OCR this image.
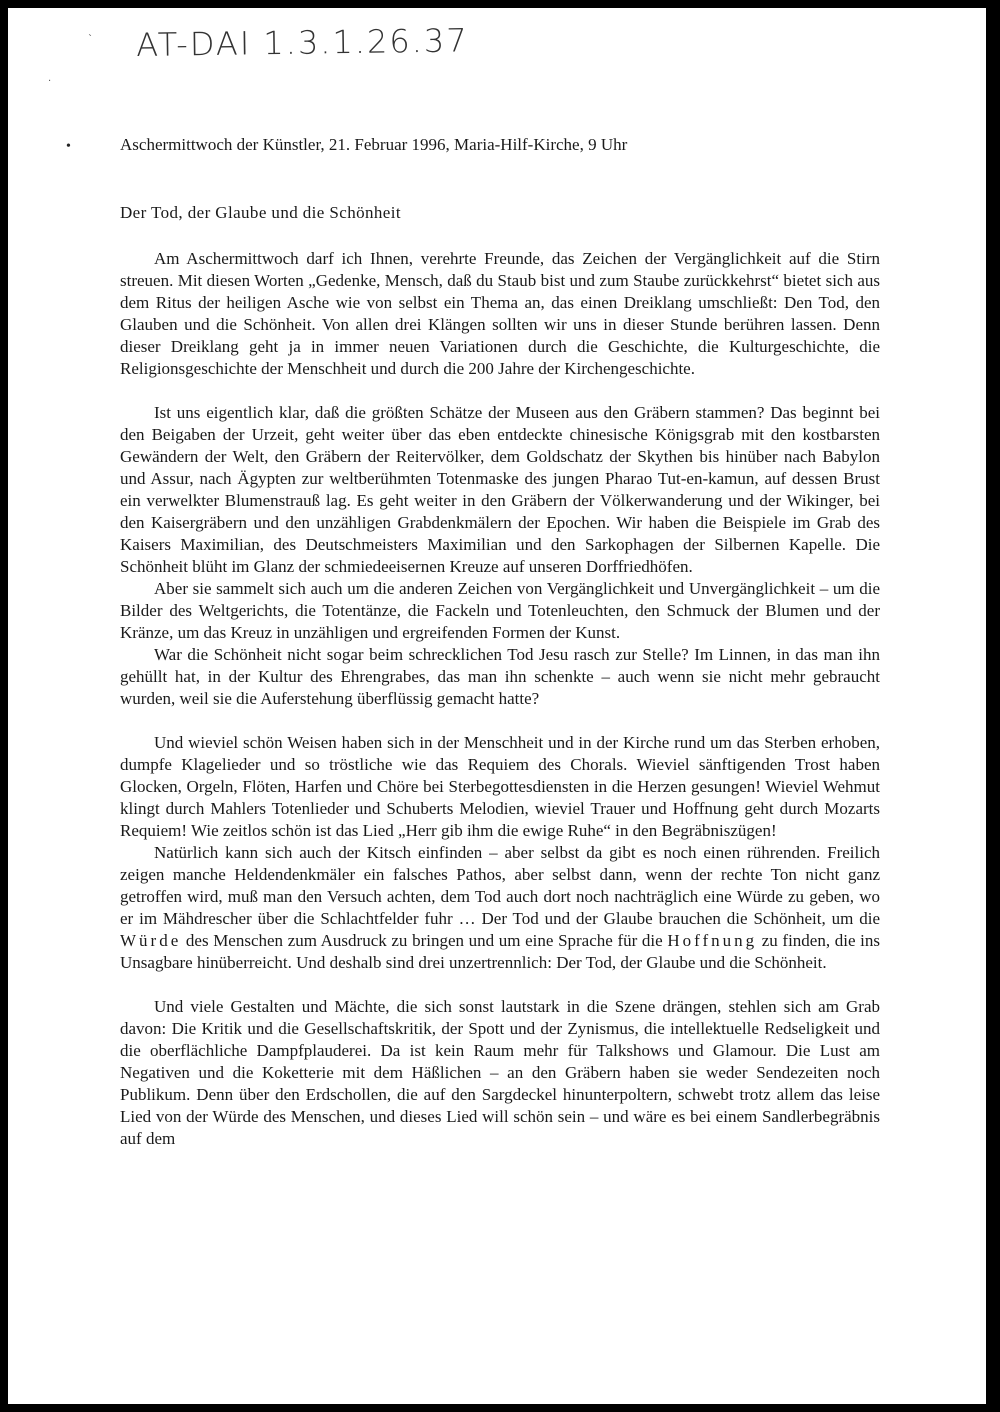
AT-DAI 1.3.1.26.37
ˋ
·
•	Aschermittwoch der Künstler, 21. Februar 1996, Maria-Hilf-Kirche, 9 Uhr
Der Tod, der Glaube und die Schönheit

Am Aschermittwoch darf ich Ihnen, verehrte Freunde, das Zeichen der Vergänglichkeit auf die Stirn streuen. Mit diesen Worten „Gedenke, Mensch, daß du Staub bist und zum Staube zurückkehrst“ bietet sich aus dem Ritus der heiligen Asche wie von selbst ein Thema an, das einen Dreiklang umschließt: Den Tod, den Glauben und die Schönheit. Von allen drei Klängen sollten wir uns in dieser Stunde berühren lassen. Denn dieser Dreiklang geht ja in immer neuen Variationen durch die Geschichte, die Kulturgeschichte, die Religionsgeschichte der Menschheit und durch die 200 Jahre der Kirchengeschichte.

Ist uns eigentlich klar, daß die größten Schätze der Museen aus den Gräbern stammen? Das beginnt bei den Beigaben der Urzeit, geht weiter über das eben entdeckte chinesische Königsgrab mit den kostbarsten Gewändern der Welt, den Gräbern der Reitervölker, dem Goldschatz der Skythen bis hinüber nach Babylon und Assur, nach Ägypten zur weltberühmten Totenmaske des jungen Pharao Tut-en-kamun, auf dessen Brust ein verwelkter Blumenstrauß lag. Es geht weiter in den Gräbern der Völkerwanderung und der Wikinger, bei den Kaisergräbern und den unzähligen Grabdenkmälern der Epochen. Wir haben die Beispiele im Grab des Kaisers Maximilian, des Deutschmeisters Maximilian und den Sarkophagen der Silbernen Kapelle. Die Schönheit blüht im Glanz der schmiedeeisernen Kreuze auf unseren Dorffriedhöfen.

Aber sie sammelt sich auch um die anderen Zeichen von Vergänglichkeit und Unvergänglichkeit – um die Bilder des Weltgerichts, die Totentänze, die Fackeln und Totenleuchten, den Schmuck der Blumen und der Kränze, um das Kreuz in unzähligen und ergreifenden Formen der Kunst.

War die Schönheit nicht sogar beim schrecklichen Tod Jesu rasch zur Stelle? Im Linnen, in das man ihn gehüllt hat, in der Kultur des Ehrengrabes, das man ihn schenkte – auch wenn sie nicht mehr gebraucht wurden, weil sie die Auferstehung überflüssig gemacht hatte?

Und wieviel schön Weisen haben sich in der Menschheit und in der Kirche rund um das Sterben erhoben, dumpfe Klagelieder und so tröstliche wie das Requiem des Chorals. Wieviel sänftigenden Trost haben Glocken, Orgeln, Flöten, Harfen und Chöre bei Sterbegottesdiensten in die Herzen gesungen! Wieviel Wehmut klingt durch Mahlers Totenlieder und Schuberts Melodien, wieviel Trauer und Hoffnung geht durch Mozarts Requiem! Wie zeitlos schön ist das Lied „Herr gib ihm die ewige Ruhe“ in den Begräbniszügen!

Natürlich kann sich auch der Kitsch einfinden – aber selbst da gibt es noch einen rührenden. Freilich zeigen manche Heldendenkmäler ein falsches Pathos, aber selbst dann, wenn der rechte Ton nicht ganz getroffen wird, muß man den Versuch achten, dem Tod auch dort noch nachträglich eine Würde zu geben, wo er im Mähdrescher über die Schlachtfelder fuhr … Der Tod und der Glaube brauchen die Schönheit, um die Würde des Menschen zum Ausdruck zu bringen und um eine Sprache für die Hoffnung zu finden, die ins Unsagbare hinüberreicht. Und deshalb sind drei unzertrennlich: Der Tod, der Glaube und die Schönheit.

Und viele Gestalten und Mächte, die sich sonst lautstark in die Szene drängen, stehlen sich am Grab davon: Die Kritik und die Gesellschaftskritik, der Spott und der Zynismus, die intellektuelle Redseligkeit und die oberflächliche Dampfplauderei. Da ist kein Raum mehr für Talkshows und Glamour. Die Lust am Negativen und die Koketterie mit dem Häßlichen – an den Gräbern haben sie weder Sendezeiten noch Publikum. Denn über den Erdschollen, die auf den Sargdeckel hinunterpoltern, schwebt trotz allem das leise Lied von der Würde des Menschen, und dieses Lied will schön sein – und wäre es bei einem Sandlerbegräbnis auf dem
